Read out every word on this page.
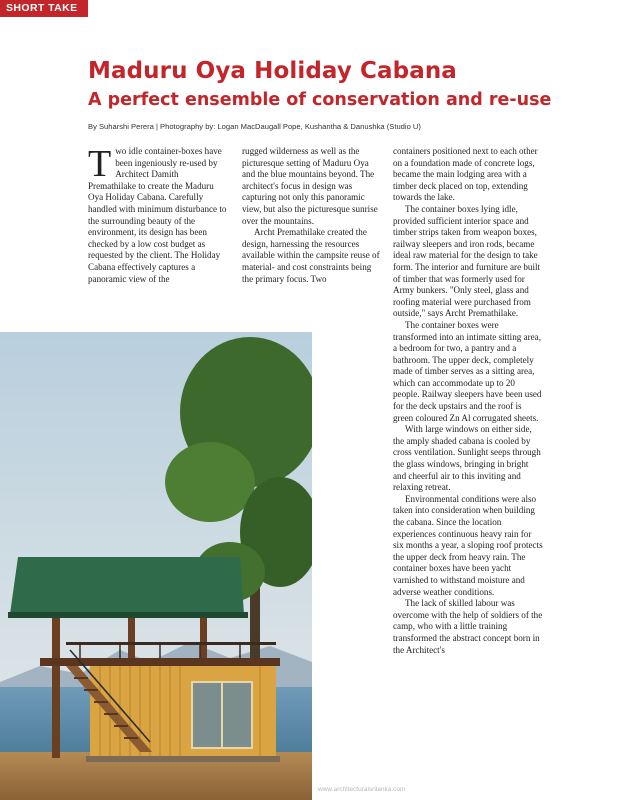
SHORT TAKE
Maduru Oya Holiday Cabana
A perfect ensemble of conservation and re-use
By Suharshi Perera | Photography by: Logan MacDaugall Pope, Kushantha & Danushka (Studio U)

Two idle container-boxes have been ingeniously re-used by Architect Damith Premathilake to create the Maduru Oya Holiday Cabana. Carefully handled with minimum disturbance to the surrounding beauty of the environment, its design has been checked by a low cost budget as requested by the client. The Holiday Cabana effectively captures a panoramic view of the

rugged wilderness as well as the picturesque setting of Maduru Oya and the blue mountains beyond. The architect's focus in design was capturing not only this panoramic view, but also the picturesque sunrise over the mountains.

Archt Premathilake created the design, harnessing the resources available within the campsite reuse of material- and cost constraints being the primary focus. Two

containers positioned next to each other on a foundation made of concrete logs, became the main lodging area with a timber deck placed on top, extending towards the lake.

The container boxes lying idle, provided sufficient interior space and timber strips taken from weapon boxes, railway sleepers and iron rods, became ideal raw material for the design to take form. The interior and furniture are built of timber that was formerly used for Army bunkers. "Only steel, glass and roofing material were purchased from outside," says Archt Premathilake.

The container boxes were transformed into an intimate sitting area, a bedroom for two, a pantry and a bathroom. The upper deck, completely made of timber serves as a sitting area, which can accommodate up to 20 people. Railway sleepers have been used for the deck upstairs and the roof is green coloured Zn Al corrugated sheets.

With large windows on either side, the amply shaded cabana is cooled by cross ventilation. Sunlight seeps through the glass windows, bringing in bright and cheerful air to this inviting and relaxing retreat.

Environmental conditions were also taken into consideration when building the cabana. Since the location experiences continuous heavy rain for six months a year, a sloping roof protects the upper deck from heavy rain. The container boxes have been yacht varnished to withstand moisture and adverse weather conditions.

The lack of skilled labour was overcome with the help of soldiers of the camp, who with a little training transformed the abstract concept born in the Architect's

www.architecturalsrilanka.com
